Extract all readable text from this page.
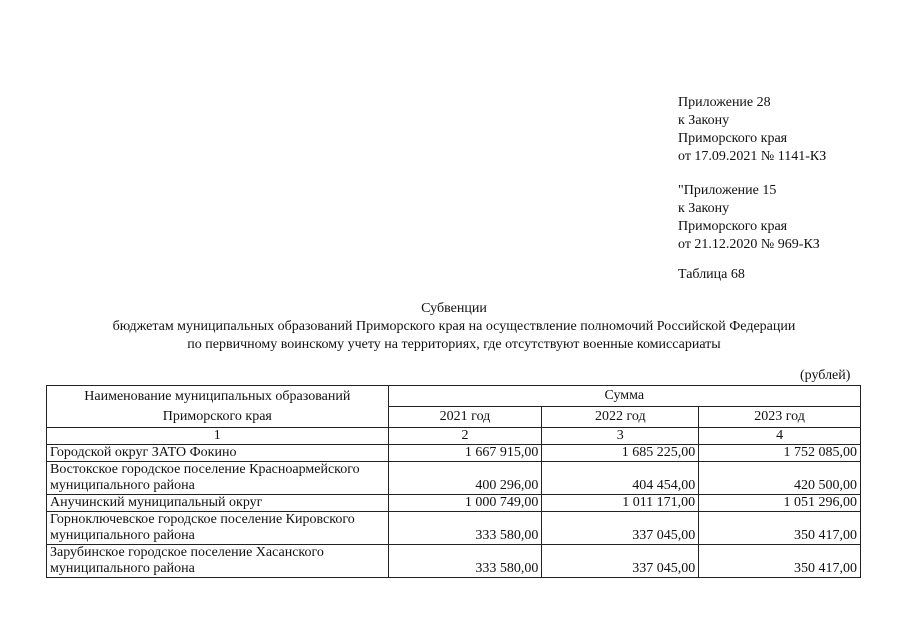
Приложение 28
к Закону
Приморского края
от 17.09.2021 № 1141-КЗ
"Приложение 15
к Закону
Приморского края
от 21.12.2020 № 969-КЗ
Таблица 68
Субвенции
бюджетам муниципальных образований Приморского края на осуществление полномочий Российской Федерации
по первичному воинскому учету на территориях, где отсутствуют военные комиссариаты
(рублей)
Наименование муниципальных образований Приморского края	Сумма		
	2021 год	2022 год	2023 год
1	2	3	4
Городской округ ЗАТО Фокино	1 667 915,00	1 685 225,00	1 752 085,00
Востокское городское поселение Красноармейского муниципального района	400 296,00	404 454,00	420 500,00
Анучинский муниципальный округ	1 000 749,00	1 011 171,00	1 051 296,00
Горноключевское городское поселение Кировского муниципального района	333 580,00	337 045,00	350 417,00
Зарубинское городское поселение Хасанского муниципального района	333 580,00	337 045,00	350 417,00
